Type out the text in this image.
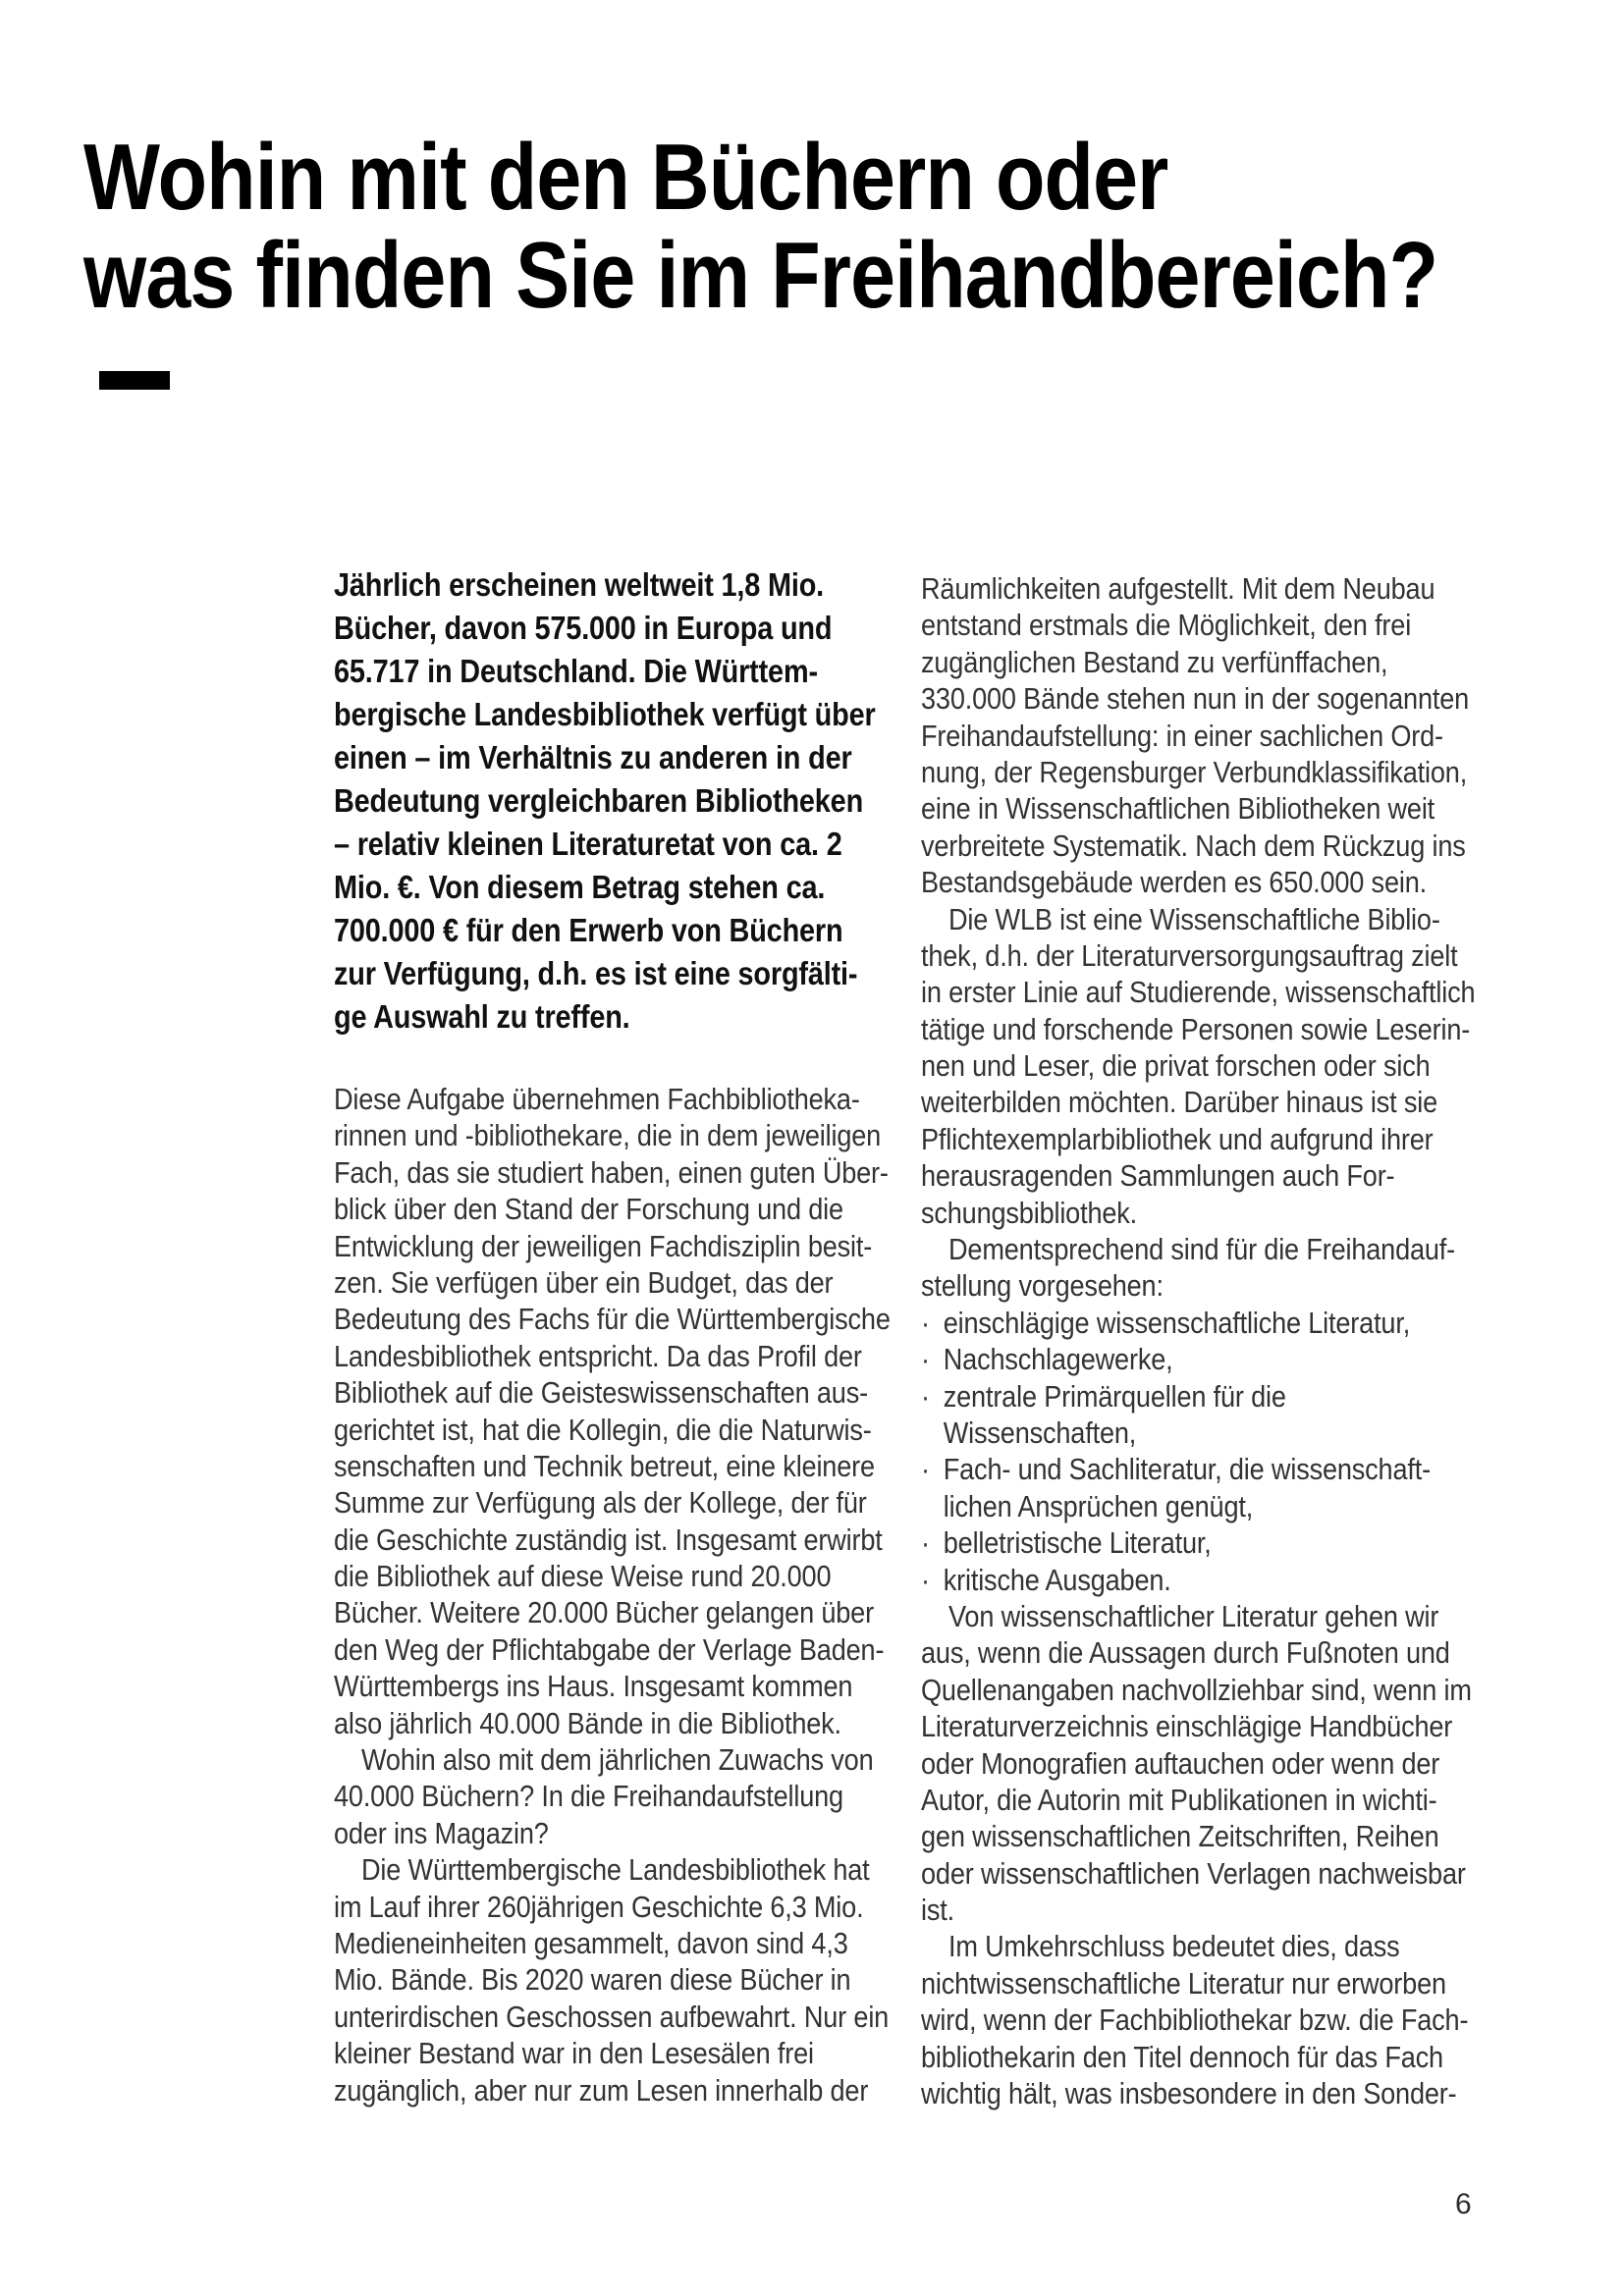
Wohin mit den Büchern oder
was finden Sie im Freihandbereich?
Jährlich erscheinen weltweit 1,8 Mio.
Bücher, davon 575.000 in Europa und
65.717 in Deutschland. Die Württem-
bergische Landesbibliothek verfügt über
einen – im Verhältnis zu anderen in der
Bedeutung vergleichbaren Bibliotheken
– relativ kleinen Literaturetat von ca. 2
Mio. €. Von diesem Betrag stehen ca.
700.000 € für den Erwerb von Büchern
zur Verfügung, d.h. es ist eine sorgfälti-
ge Auswahl zu treffen.
Diese Aufgabe übernehmen Fachbibliotheka-
rinnen und -bibliothekare, die in dem jeweiligen
Fach, das sie studiert haben, einen guten Über-
blick über den Stand der Forschung und die
Entwicklung der jeweiligen Fachdisziplin besit-
zen. Sie verfügen über ein Budget, das der
Bedeutung des Fachs für die Württembergische
Landesbibliothek entspricht. Da das Profil der
Bibliothek auf die Geisteswissenschaften aus-
gerichtet ist, hat die Kollegin, die die Naturwis-
senschaften und Technik betreut, eine kleinere
Summe zur Verfügung als der Kollege, der für
die Geschichte zuständig ist. Insgesamt erwirbt
die Bibliothek auf diese Weise rund 20.000
Bücher. Weitere 20.000 Bücher gelangen über
den Weg der Pflichtabgabe der Verlage Baden-
Württembergs ins Haus. Insgesamt kommen
also jährlich 40.000 Bände in die Bibliothek.
Wohin also mit dem jährlichen Zuwachs von
40.000 Büchern? In die Freihandaufstellung
oder ins Magazin?
Die Württembergische Landesbibliothek hat
im Lauf ihrer 260jährigen Geschichte 6,3 Mio.
Medieneinheiten gesammelt, davon sind 4,3
Mio. Bände. Bis 2020 waren diese Bücher in
unterirdischen Geschossen aufbewahrt. Nur ein
kleiner Bestand war in den Lesesälen frei
zugänglich, aber nur zum Lesen innerhalb der
Räumlichkeiten aufgestellt. Mit dem Neubau
entstand erstmals die Möglichkeit, den frei
zugänglichen Bestand zu verfünffachen,
330.000 Bände stehen nun in der sogenannten
Freihandaufstellung: in einer sachlichen Ord-
nung, der Regensburger Verbundklassifikation,
eine in Wissenschaftlichen Bibliotheken weit
verbreitete Systematik. Nach dem Rückzug ins
Bestandsgebäude werden es 650.000 sein.
Die WLB ist eine Wissenschaftliche Biblio-
thek, d.h. der Literaturversorgungsauftrag zielt
in erster Linie auf Studierende, wissenschaftlich
tätige und forschende Personen sowie Leserin-
nen und Leser, die privat forschen oder sich
weiterbilden möchten. Darüber hinaus ist sie
Pflichtexemplarbibliothek und aufgrund ihrer
herausragenden Sammlungen auch For-
schungsbibliothek.
Dementsprechend sind für die Freihandauf-
stellung vorgesehen:
· einschlägige wissenschaftliche Literatur,
· Nachschlagewerke,
· zentrale Primärquellen für die
Wissenschaften,
· Fach- und Sachliteratur, die wissenschaft-
lichen Ansprüchen genügt,
· belletristische Literatur,
· kritische Ausgaben.
Von wissenschaftlicher Literatur gehen wir
aus, wenn die Aussagen durch Fußnoten und
Quellenangaben nachvollziehbar sind, wenn im
Literaturverzeichnis einschlägige Handbücher
oder Monografien auftauchen oder wenn der
Autor, die Autorin mit Publikationen in wichti-
gen wissenschaftlichen Zeitschriften, Reihen
oder wissenschaftlichen Verlagen nachweisbar
ist.
Im Umkehrschluss bedeutet dies, dass
nichtwissenschaftliche Literatur nur erworben
wird, wenn der Fachbibliothekar bzw. die Fach-
bibliothekarin den Titel dennoch für das Fach
wichtig hält, was insbesondere in den Sonder-
6
